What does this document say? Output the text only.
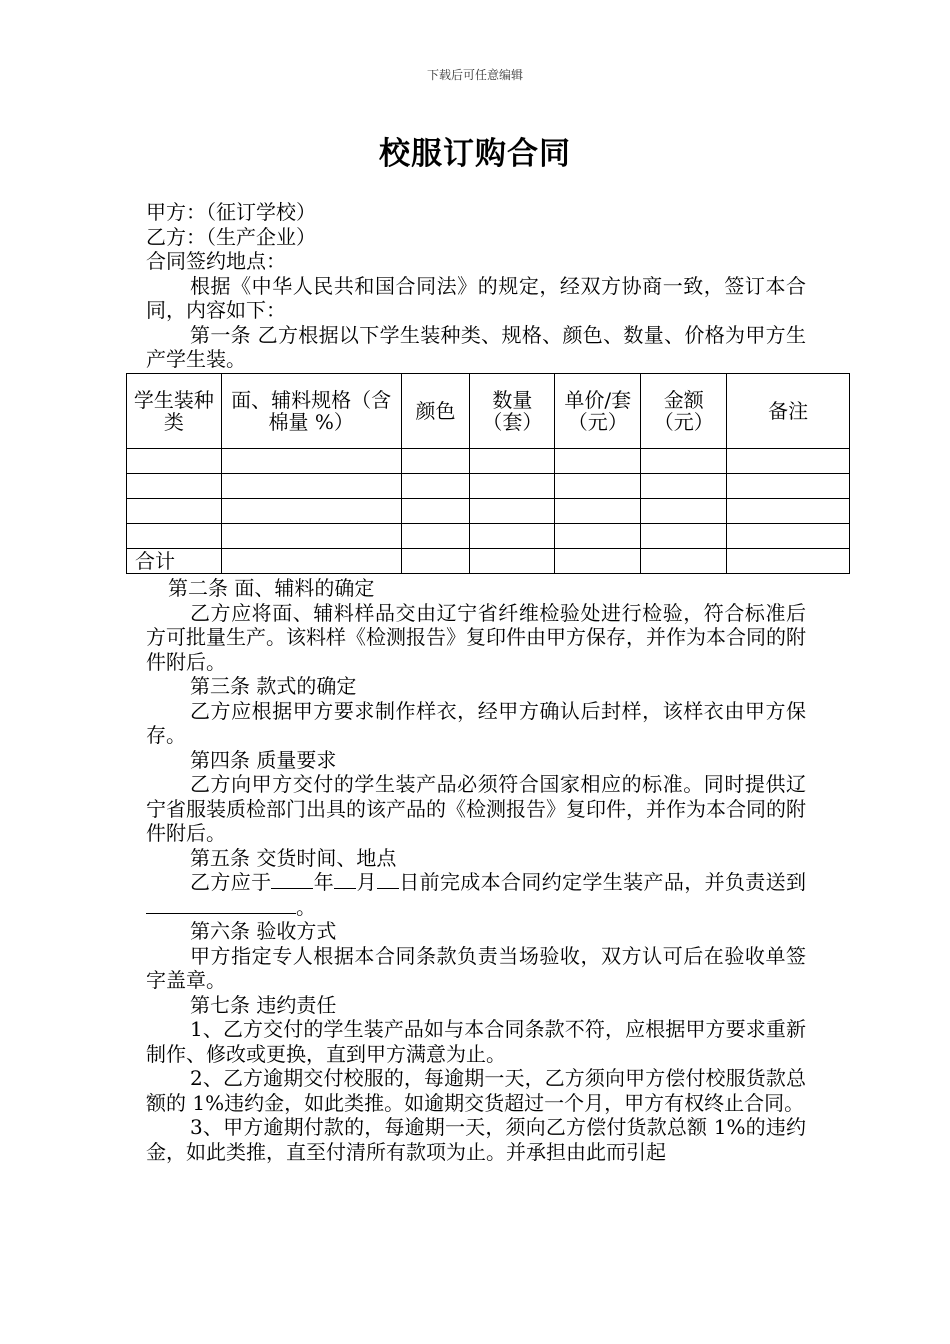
下载后可任意编辑
校服订购合同

甲方：（征订学校）

乙方：（生产企业）

合同签约地点：

根据《中华人民共和国合同法》的规定，经双方协商一致，签订本合同，内容如下：

第一条 乙方根据以下学生装种类、规格、颜色、数量、价格为甲方生产学生装。

学生装种类	面、辅料规格（含棉量 %）	颜色	数量（套）	单价/套（元）	金额（元）	备注

合计						

第二条 面、辅料的确定

乙方应将面、辅料样品交由辽宁省纤维检验处进行检验，符合标准后方可批量生产。该料样《检测报告》复印件由甲方保存，并作为本合同的附件附后。

第三条 款式的确定

乙方应根据甲方要求制作样衣，经甲方确认后封样，该样衣由甲方保存。

第四条 质量要求

乙方向甲方交付的学生装产品必须符合国家相应的标准。同时提供辽宁省服装质检部门出具的该产品的《检测报告》复印件，并作为本合同的附件附后。

第五条 交货时间、地点

乙方应于 年 月 日前完成本合同约定学生装产品，并负责送到。

第六条 验收方式

甲方指定专人根据本合同条款负责当场验收，双方认可后在验收单签字盖章。

第七条 违约责任

1、乙方交付的学生装产品如与本合同条款不符，应根据甲方要求重新制作、修改或更换，直到甲方满意为止。

2、乙方逾期交付校服的，每逾期一天，乙方须向甲方偿付校服货款总额的 1%违约金，如此类推。如逾期交货超过一个月，甲方有权终止合同。

3、甲方逾期付款的，每逾期一天，须向乙方偿付货款总额 1%的违约金，如此类推，直至付清所有款项为止。并承担由此而引起
